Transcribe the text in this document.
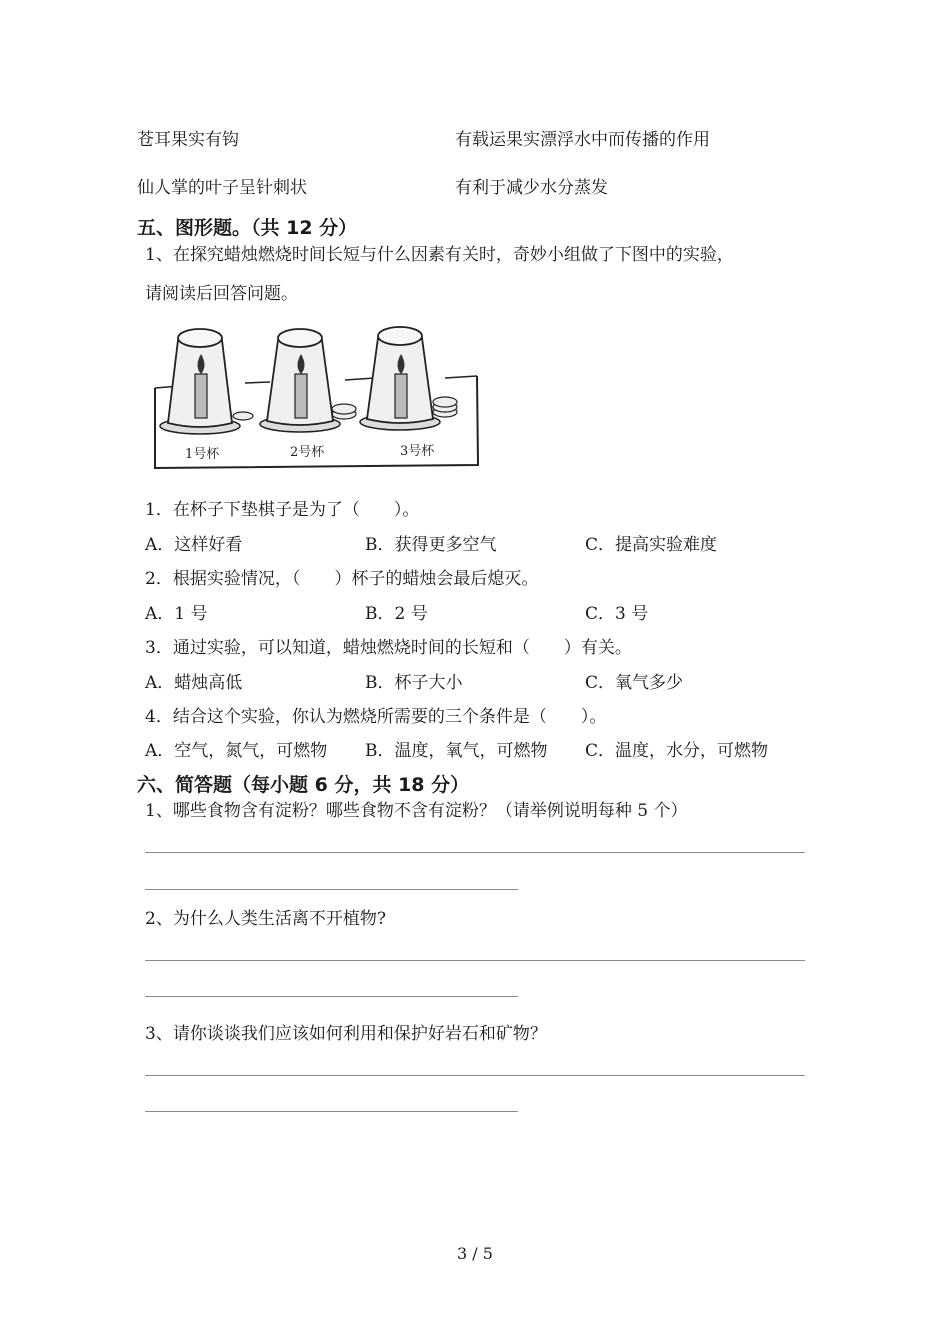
苍耳果实有钩	有载运果实漂浮水中而传播的作用
仙人掌的叶子呈针刺状	有利于减少水分蒸发
五、图形题。（共 12 分）
1、在探究蜡烛燃烧时间长短与什么因素有关时，奇妙小组做了下图中的实验，
请阅读后回答问题。
1号杯	2号杯	3号杯
1．在杯子下垫棋子是为了（　　）。
A．这样好看	B．获得更多空气	C．提高实验难度
2．根据实验情况，（　　）杯子的蜡烛会最后熄灭。
A．1 号	B．2 号	C．3 号
3．通过实验，可以知道，蜡烛燃烧时间的长短和（　　）有关。
A．蜡烛高低	B．杯子大小	C．氧气多少
4．结合这个实验，你认为燃烧所需要的三个条件是（　　）。
A．空气，氮气，可燃物 B．温度，氧气，可燃物 C．温度，水分，可燃物
六、简答题（每小题 6 分，共 18 分）
1、哪些食物含有淀粉？哪些食物不含有淀粉？（请举例说明每种 5 个）
2、为什么人类生活离不开植物?
3、请你谈谈我们应该如何利用和保护好岩石和矿物？
3 / 5
